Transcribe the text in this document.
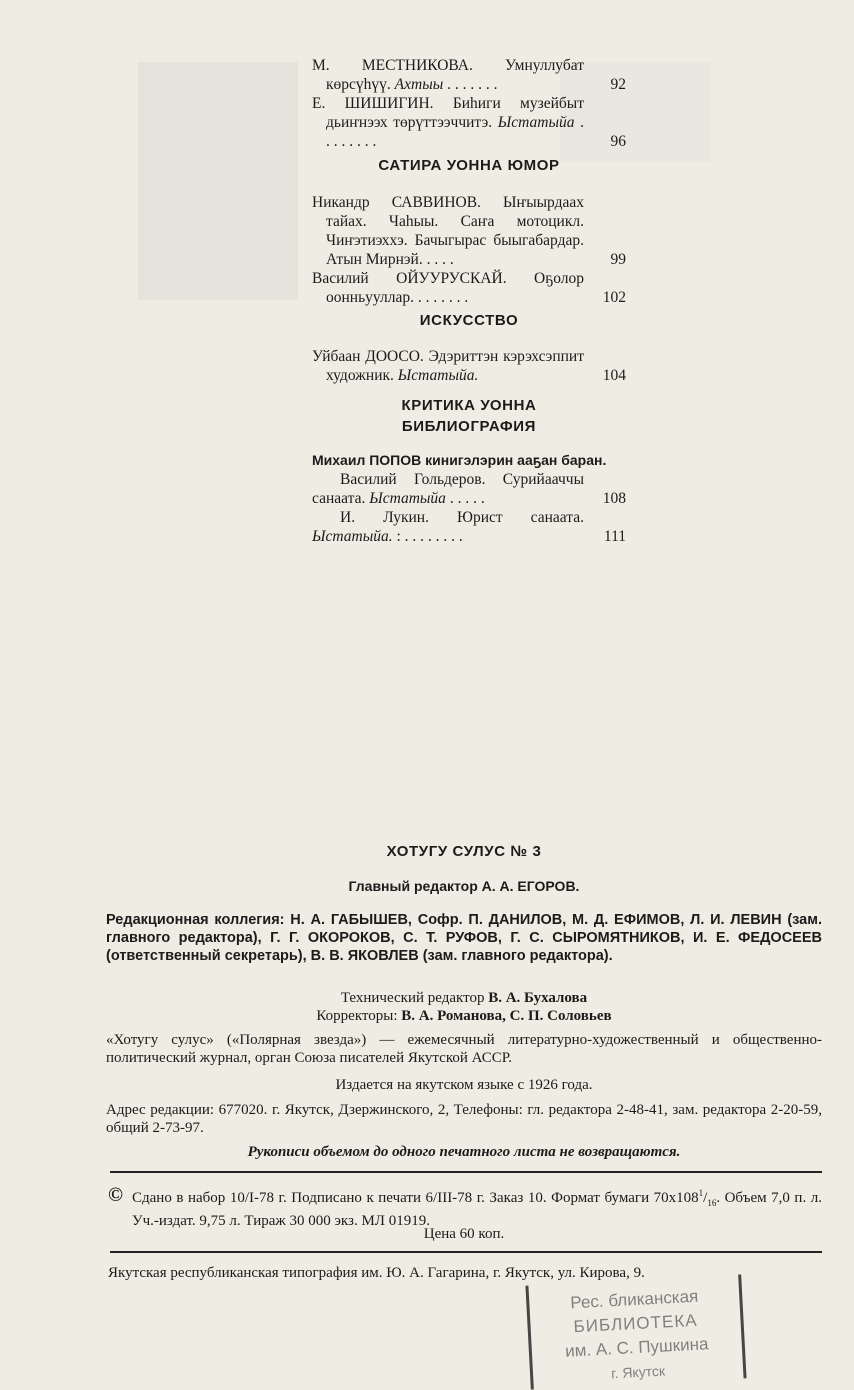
М. МЕСТНИКОВА. Умнуллубат көрсүһүү. Ахтыы . . . . . . .	92

Е. ШИШИГИН. Биһиги музейбыт дьиҥнээх төрүттээччитэ. Ыстатыйа . . . . . . . .	96

САТИРА УОННА ЮМОР

Никандр САВВИНОВ. Ыҥыырдаах тайах. Чаһыы. Саҥа мотоцикл. Чиҥэтиэххэ. Бачыгырас быыгабардар. Атын Мирнэй. . . . .	99

Василий ОЙУУРУСКАЙ. Оҕолор оонньууллар. . . . . . . .	102

ИСКУССТВО

Уйбаан ДООСО. Эдэриттэн кэрэхсэппит художник. Ыстатыйа.	104

КРИТИКА УОННА
БИБЛИОГРАФИЯ

Михаил ПОПОВ кинигэлэрин ааҕан баран.

Василий Гольдеров. Сурийааччы санаата. Ыстатыйа . . . . .	108

И. Лукин. Юрист санаата. Ыстатыйа. : . . . . . . . .	111

ХОТУГУ СУЛУС № 3
Главный редактор А. А. ЕГОРОВ.
Редакционная коллегия: Н. А. ГАБЫШЕВ, Софр. П. ДАНИЛОВ, М. Д. ЕФИМОВ, Л. И. ЛЕВИН (зам. главного редактора), Г. Г. ОКОРОКОВ, С. Т. РУФОВ, Г. С. СЫРОМЯТНИКОВ, И. Е. ФЕДОСЕЕВ (ответственный секретарь), В. В. ЯКОВЛЕВ (зам. главного редактора).
Технический редактор В. А. Бухалова
Корректоры: В. А. Романова, С. П. Соловьев
«Хотугу сулус» («Полярная звезда») — ежемесячный литературно-художественный и общественно-политический журнал, орган Союза писателей Якутской АССР.
Издается на якутском языке с 1926 года.
Адрес редакции: 677020. г. Якутск, Дзержинского, 2, Телефоны: гл. редактора 2-48-41, зам. редактора 2-20-59, общий 2-73-97.
Рукописи объемом до одного печатного листа не возвращаются.
© Сдано в набор 10/I-78 г. Подписано к печати 6/III-78 г. Заказ 10. Формат бумаги $70x108^1/_{16}$. Объем 7,0 п. л. Уч.-издат. 9,75 л. Тираж 30 000 экз. МЛ 01919.
Цена 60 коп.
Якутская республиканская типография им. Ю. А. Гагарина, г. Якутск, ул. Кирова, 9.
Рес. бликанская
БИБЛИОТЕКА
им. А. С. Пушкина
г. Якутск
